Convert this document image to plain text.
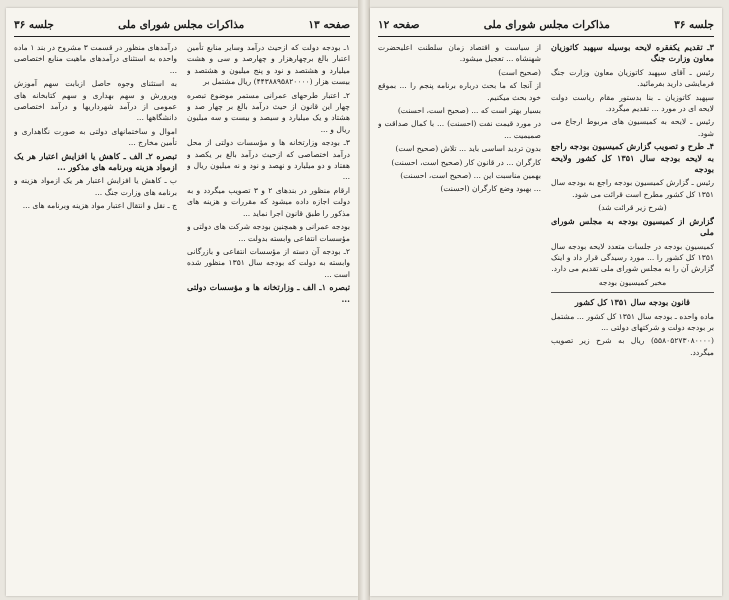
صفحه ۱۳
مذاکرات مجلس شورای ملی
جلسه ۳۶

۱ـ بودجه دولت که ازحیث درآمد وسایر منابع تأمین اعتبار بالغ برچهارهزار و چهارصد و سی و هشت میلیارد و هشتصد و نود و پنج میلیون و هشتصد و بیست هزار (۴۴۳۸۸۹۵۸۲۰۰۰۰) ریال مشتمل بر

۲ـ اعتبار طرحهای عمرانی مستمر موضوع تبصره چهار این قانون از حیث درآمد بالغ بر چهار صد و هشتاد و یک میلیارد و سیصد و بیست و سه میلیون ریال و ...

۳ـ بودجه وزارتخانه ها و مؤسسات دولتی از محل درآمد اختصاصی که ازحیث درآمد بالغ بر یکصد و هفتاد و دو میلیارد و نهصد و نود و نه میلیون ریال و ...

ارقام منظور در بندهای ۲ و ۳ تصویب میگردد و به دولت اجازه داده میشود که مقررات و هزینه های مذکور را طبق قانون اجرا نماید ...

بودجه عمرانی و همچنین بودجه شرکت های دولتی و مؤسسات انتفاعی وابسته بدولت ...

۲ـ بودجه آن دسته از مؤسسات انتفاعی و بازرگانی وابسته به دولت که بودجه سال ۱۳۵۱ منظور شده است ...

تبصره ۱ـ الف ـ وزارتخانه ها و مؤسسات دولتی ...

درآمدهای منظور در قسمت ۳ مشروح در بند ۱ ماده واحده به استثنای درآمدهای ماهیت منابع اختصاصی ...

به استثنای وجوه حاصل ازبابت سهم آموزش وپرورش و سهم بهداری و سهم کتابخانه های عمومی از درآمد شهرداریها و درآمد اختصاصی دانشگاهها ...

اموال و ساختمانهای دولتی به صورت نگاهداری و تأمین مخارج ...

تبصره ۲ـ الف ـ کاهش یا افزایش اعتبار هر یک ازمواد هزینه وبرنامه های مذکور ...

ب ـ کاهش یا افزایش اعتبار هر یک ازمواد هزینه و برنامه های وزارت جنگ ...

ج ـ نقل و انتقال اعتبار مواد هزینه وبرنامه های ...

جلسه ۳۶
مذاکرات مجلس شورای ملی
صفحه ۱۲

۳ـ تقدیم یکفقره لایحه بوسیله سپهبد کاتوزیان معاون وزارت جنگ

رئیس ـ آقای سپهبد کاتوزیان معاون وزارت جنگ فرمایشی دارید بفرمائید.

سپهبد کاتوزیان ـ بنا بدستور مقام ریاست دولت لایحه ای در مورد ... تقدیم میگردد.

رئیس ـ لایحه به کمیسیون های مربوط ارجاع می شود.

۴ـ طرح و تصویب گزارش کمیسیون بودجه راجع به لایحه بودجه سال ۱۳۵۱ کل کشور ولایحه بودجه

رئیس ـ گزارش کمیسیون بودجه راجع به بودجه سال ۱۳۵۱ کل کشور مطرح است قرائت می شود.

(شرح زیر قرائت شد)

گزارش از کمیسیون بودجه به مجلس شورای ملی

کمیسیون بودجه در جلسات متعدد لایحه بودجه سال ۱۳۵۱ کل کشور را ... مورد رسیدگی قرار داد و اینک گزارش آن را به مجلس شورای ملی تقدیم می دارد.

مخبر کمیسیون بودجه

قانون بودجه سال ۱۳۵۱ کل کشور

ماده واحده ـ بودجه سال ۱۳۵۱ کل کشور ... مشتمل بر بودجه دولت و شرکتهای دولتی ...

(۵۵۸۰۵۲۷۳۰۸۰۰۰۰) ریال به شرح زیر تصویب میگردد.

از سیاست و اقتصاد زمان سلطنت اعلیحضرت شهنشاه ... تعجیل میشود.

(صحیح است)

از آنجا که ما بحث درباره برنامه پنجم را ... بموقع خود بحث میکنیم.

بسیار بهتر است که ... (صحیح است، احسنت)

در مورد قیمت نفت (احسنت) ... با کمال صداقت و صمیمیت ...

بدون تردید اساسی باید ... تلاش (صحیح است)

کارگران ... در قانون کار (صحیح است، احسنت)

بهمین مناسبت این ... (صحیح است، احسنت)

... بهبود وضع کارگران (احسنت)
